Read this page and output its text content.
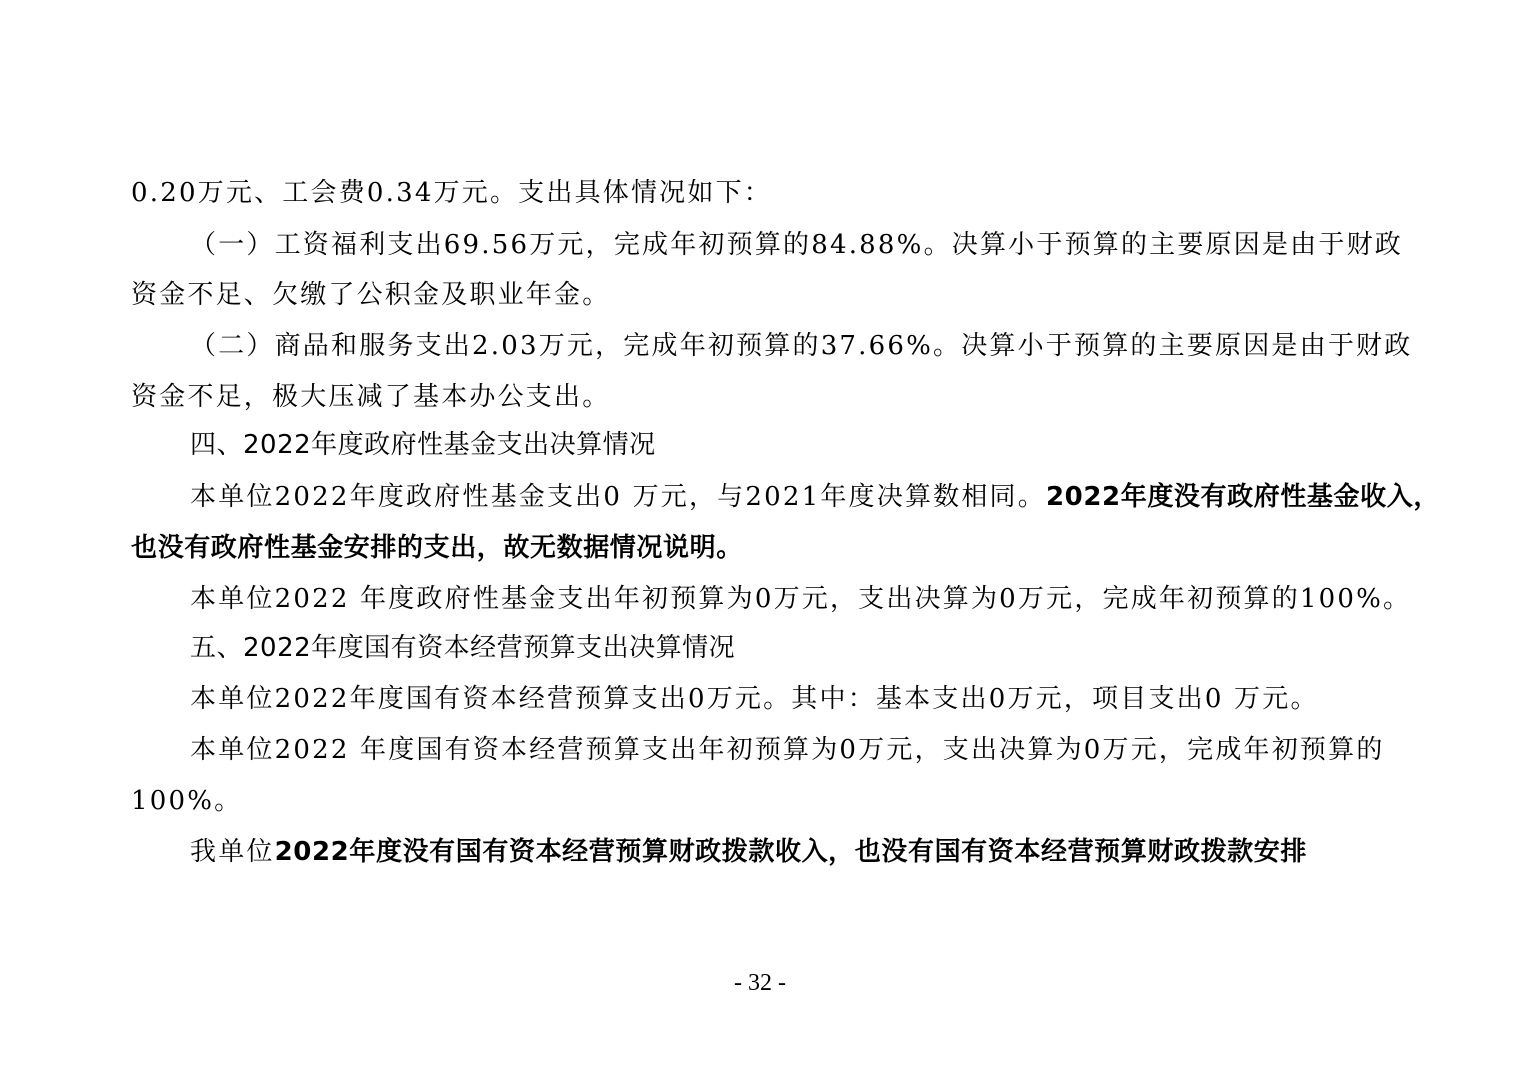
0.20万元、工会费0.34万元。支出具体情况如下：
（一）工资福利支出69.56万元，完成年初预算的84.88%。决算小于预算的主要原因是由于财政
资金不足、欠缴了公积金及职业年金。
（二）商品和服务支出2.03万元，完成年初预算的37.66%。决算小于预算的主要原因是由于财政
资金不足，极大压减了基本办公支出。
四、2022年度政府性基金支出决算情况
本单位2022年度政府性基金支出0 万元，与2021年度决算数相同。2022年度没有政府性基金收入，
也没有政府性基金安排的支出，故无数据情况说明。
本单位2022 年度政府性基金支出年初预算为0万元，支出决算为0万元，完成年初预算的100%。
五、2022年度国有资本经营预算支出决算情况
本单位2022年度国有资本经营预算支出0万元。其中：基本支出0万元，项目支出0 万元。
本单位2022 年度国有资本经营预算支出年初预算为0万元，支出决算为0万元，完成年初预算的
100%。
我单位2022年度没有国有资本经营预算财政拨款收入，也没有国有资本经营预算财政拨款安排
- 32 -
